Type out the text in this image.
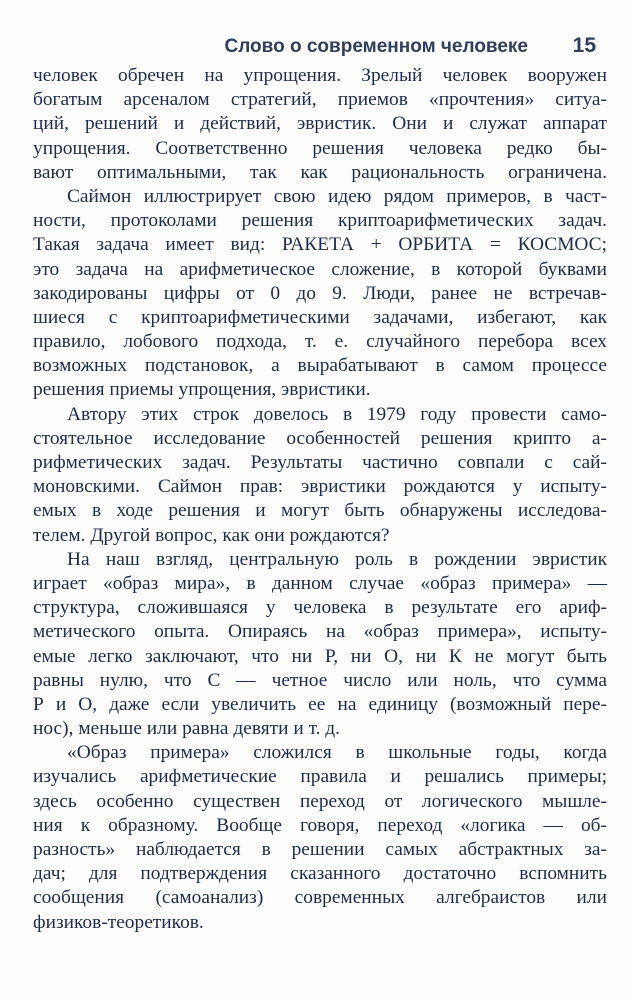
Слово о современном человеке 15

человек обречен на упрощения. Зрелый человек вооружен
богатым арсеналом стратегий, приемов «прочтения» ситуа-
ций, решений и действий, эвристик. Они и служат аппарат
упрощения. Соответственно решения человека редко бы-
вают оптимальными, так как рациональность ограничена.

Саймон иллюстрирует свою идею рядом примеров, в част-
ности, протоколами решения криптоарифметических задач.
Такая задача имеет вид: РАКЕТА + ОРБИТА = КОСМОС;
это задача на арифметическое сложение, в которой буквами
закодированы цифры от 0 до 9. Люди, ранее не встречав-
шиеся с криптоарифметическими задачами, избегают, как
правило, лобового подхода, т. е. случайного перебора всех
возможных подстановок, а вырабатывают в самом процессе
решения приемы упрощения, эвристики.

Автору этих строк довелось в 1979 году провести само-
стоятельное исследование особенностей решения крипто а-
рифметических задач. Результаты частично совпали с сай-
моновскими. Саймон прав: эвристики рождаются у испыту-
емых в ходе решения и могут быть обнаружены исследова-
телем. Другой вопрос, как они рождаются?

На наш взгляд, центральную роль в рождении эвристик
играет «образ мира», в данном случае «образ примера» —
структура, сложившаяся у человека в результате его ариф-
метического опыта. Опираясь на «образ примера», испыту-
емые легко заключают, что ни Р, ни О, ни К не могут быть
равны нулю, что С — четное число или ноль, что сумма
Р и О, даже если увеличить ее на единицу (возможный пере-
нос), меньше или равна девяти и т. д.

«Образ примера» сложился в школьные годы, когда
изучались арифметические правила и решались примеры;
здесь особенно существен переход от логического мышле-
ния к образному. Вообще говоря, переход «логика — об-
разность» наблюдается в решении самых абстрактных за-
дач; для подтверждения сказанного достаточно вспомнить
сообщения (самоанализ) современных алгебраистов или
физиков-теоретиков.
